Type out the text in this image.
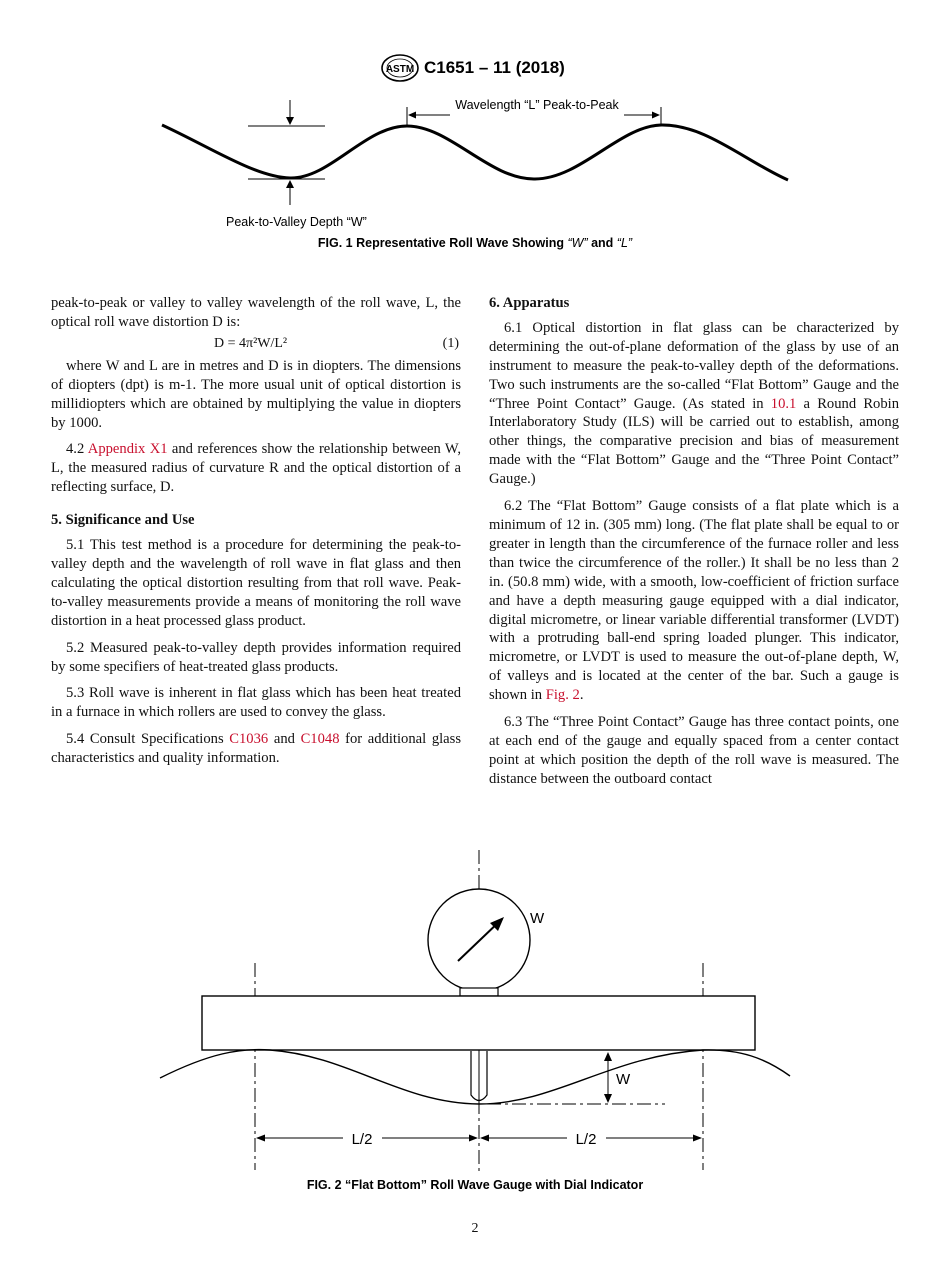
ASTM C1651 – 11 (2018)
Wavelength “L” Peak-to-Peak
Peak-to-Valley Depth “W”
FIG. 1 Representative Roll Wave Showing “W” and “L”

peak-to-peak or valley to valley wavelength of the roll wave, L, the optical roll wave distortion D is:

D = 4π²W/L²	(1)

where W and L are in metres and D is in diopters. The dimensions of diopters (dpt) is m-1. The more usual unit of optical distortion is millidiopters which are obtained by multiplying the value in diopters by 1000.

4.2 Appendix X1 and references show the relationship between W, L, the measured radius of curvature R and the optical distortion of a reflecting surface, D.

5. Significance and Use

5.1 This test method is a procedure for determining the peak-to-valley depth and the wavelength of roll wave in flat glass and then calculating the optical distortion resulting from that roll wave. Peak-to-valley measurements provide a means of monitoring the roll wave distortion in a heat processed glass product.

5.2 Measured peak-to-valley depth provides information required by some specifiers of heat-treated glass products.

5.3 Roll wave is inherent in flat glass which has been heat treated in a furnace in which rollers are used to convey the glass.

5.4 Consult Specifications C1036 and C1048 for additional glass characteristics and quality information.

6. Apparatus

6.1 Optical distortion in flat glass can be characterized by determining the out-of-plane deformation of the glass by use of an instrument to measure the peak-to-valley depth of the deformations. Two such instruments are the so-called “Flat Bottom” Gauge and the “Three Point Contact” Gauge. (As stated in 10.1 a Round Robin Interlaboratory Study (ILS) will be carried out to establish, among other things, the comparative precision and bias of measurement made with the “Flat Bottom” Gauge and the “Three Point Contact” Gauge.)

6.2 The “Flat Bottom” Gauge consists of a flat plate which is a minimum of 12 in. (305 mm) long. (The flat plate shall be equal to or greater in length than the circumference of the furnace roller and less than twice the circumference of the roller.) It shall be no less than 2 in. (50.8 mm) wide, with a smooth, low-coefficient of friction surface and have a depth measuring gauge equipped with a dial indicator, digital micrometre, or linear variable differential transformer (LVDT) with a protruding ball-end spring loaded plunger. This indicator, micrometre, or LVDT is used to measure the out-of-plane depth, W, of valleys and is located at the center of the bar. Such a gauge is shown in Fig. 2.

6.3 The “Three Point Contact” Gauge has three contact points, one at each end of the gauge and equally spaced from a center contact point at which position the depth of the roll wave is measured. The distance between the outboard contact

W
W
L/2	L/2
FIG. 2 “Flat Bottom” Roll Wave Gauge with Dial Indicator
2
